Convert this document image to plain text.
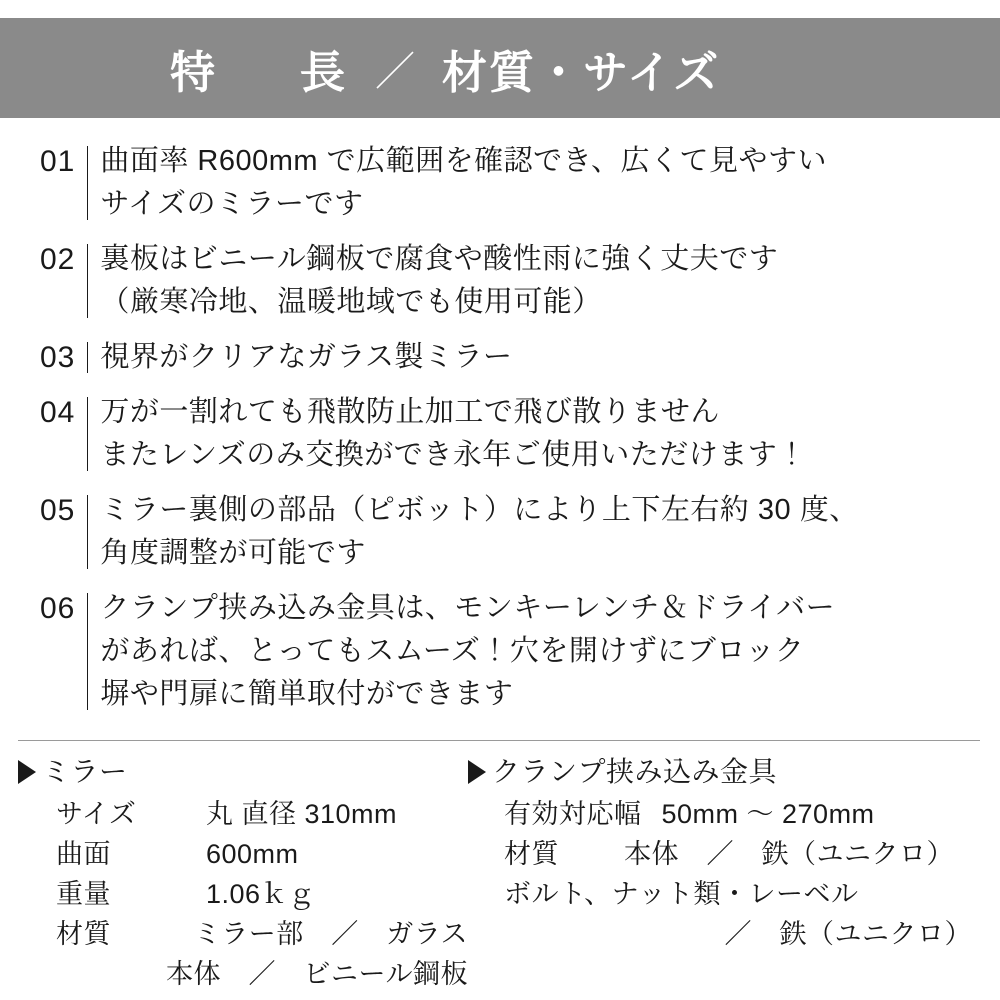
特　長 ／ 材質・サイズ
01 曲面率 R600mm で広範囲を確認でき、広くて見やすい
サイズのミラーです
02 裏板はビニール鋼板で腐食や酸性雨に強く丈夫です
（厳寒冷地、温暖地域でも使用可能）
03 視界がクリアなガラス製ミラー
04 万が一割れても飛散防止加工で飛び散りません
またレンズのみ交換ができ永年ご使用いただけます！
05 ミラー裏側の部品（ピボット）により上下左右約 30 度、
角度調整が可能です
06 クランプ挟み込み金具は、モンキーレンチ＆ドライバー
があれば、とってもスムーズ！穴を開けずにブロック
塀や門扉に簡単取付ができます
ミラー
サイズ	丸 直径 310mm
曲面	600mm
重量	1.06ｋｇ
材質	ミラー部　／　ガラス
本体　／　ビニール鋼板
クランプ挟み込み金具
有効対応幅 50mm ～ 270mm
材質	本体　／　鉄（ユニクロ）
ボルト、ナット類・レーベル
／　鉄（ユニクロ）
